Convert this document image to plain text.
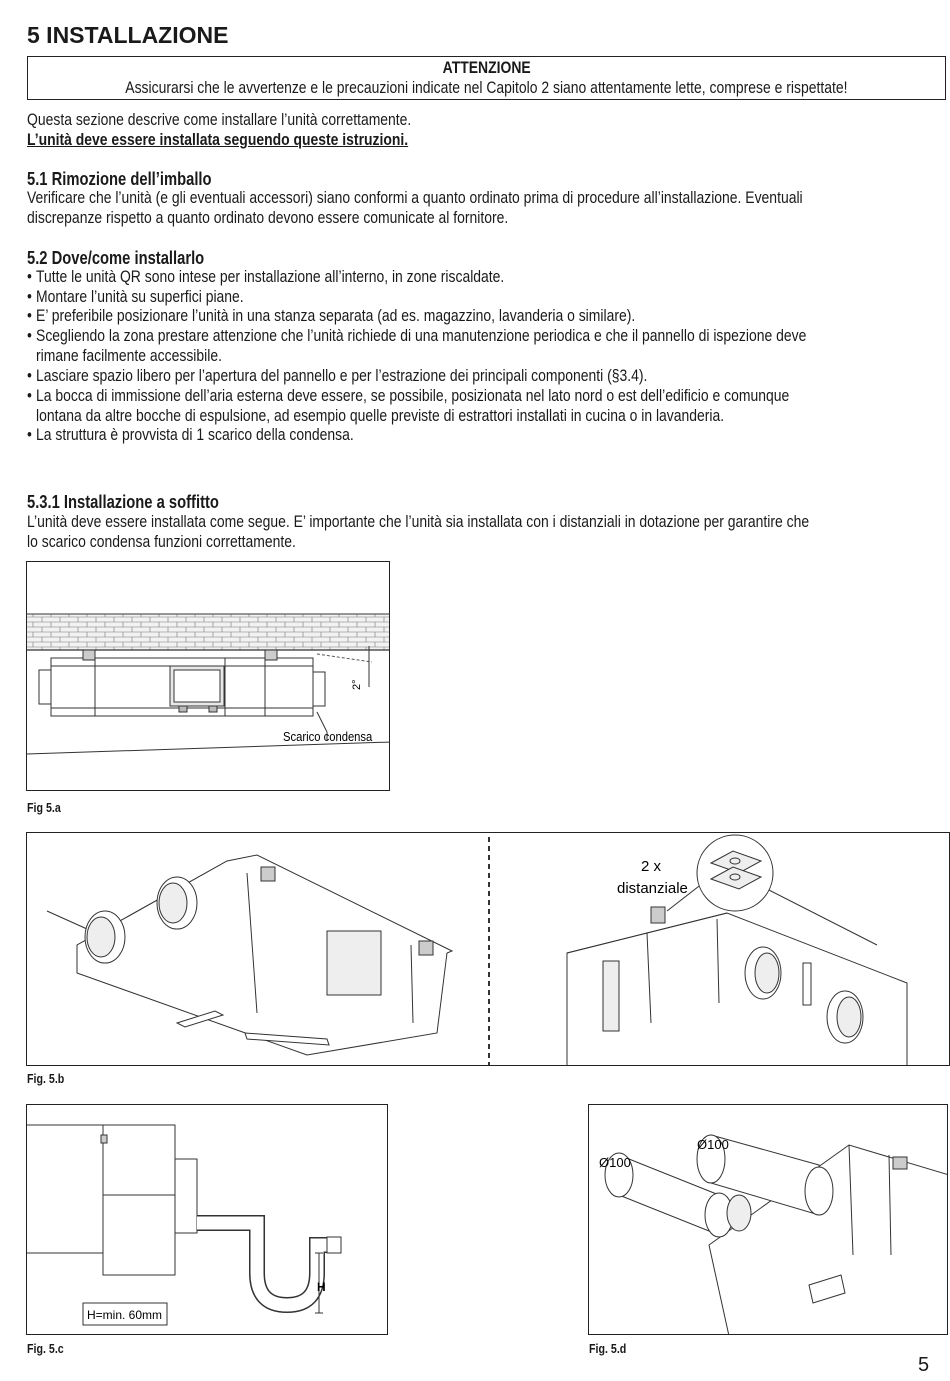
5 INSTALLAZIONE
ATTENZIONE
Assicurarsi che le avvertenze e le precauzioni indicate nel Capitolo 2 siano attentamente lette, comprese e rispettate!
Questa sezione descrive come installare l’unità correttamente.
L’unità deve essere installata seguendo queste istruzioni.
5.1 Rimozione dell’imballo
Verificare che l’unità (e gli eventuali accessori) siano conformi a quanto ordinato prima di procedure all’installazione. Eventuali
discrepanze rispetto a quanto ordinato devono essere comunicate al fornitore.
5.2 Dove/come installarlo
• Tutte le unità QR sono intese per installazione all’interno, in zone riscaldate.
• Montare l’unità su superfici piane.
• E’ preferibile posizionare l’unità in una stanza separata (ad es. magazzino, lavanderia o similare).
• Scegliendo la zona prestare attenzione che l’unità richiede di una manutenzione periodica e che il pannello di ispezione deve
rimane facilmente accessibile.
• Lasciare spazio libero per l’apertura del pannello e per l’estrazione dei principali componenti (§3.4).
• La bocca di immissione dell’aria esterna deve essere, se possibile, posizionata nel lato nord o est dell’edificio e comunque
lontana da altre bocche di espulsione, ad esempio quelle previste di estrattori installati in cucina o in lavanderia.
• La struttura è provvista di 1 scarico della condensa.
5.3.1 Installazione a soffitto
L’unità deve essere installata come segue. E’ importante che l’unità sia installata con i distanziali in dotazione per garantire che
lo scarico condensa funzioni correttamente.
2°
Scarico condensa
Fig 5.a
2 x
distanziale
Fig. 5.b
H
H=min. 60mm
Fig. 5.c
Ø100
Ø100
Fig. 5.d
5
